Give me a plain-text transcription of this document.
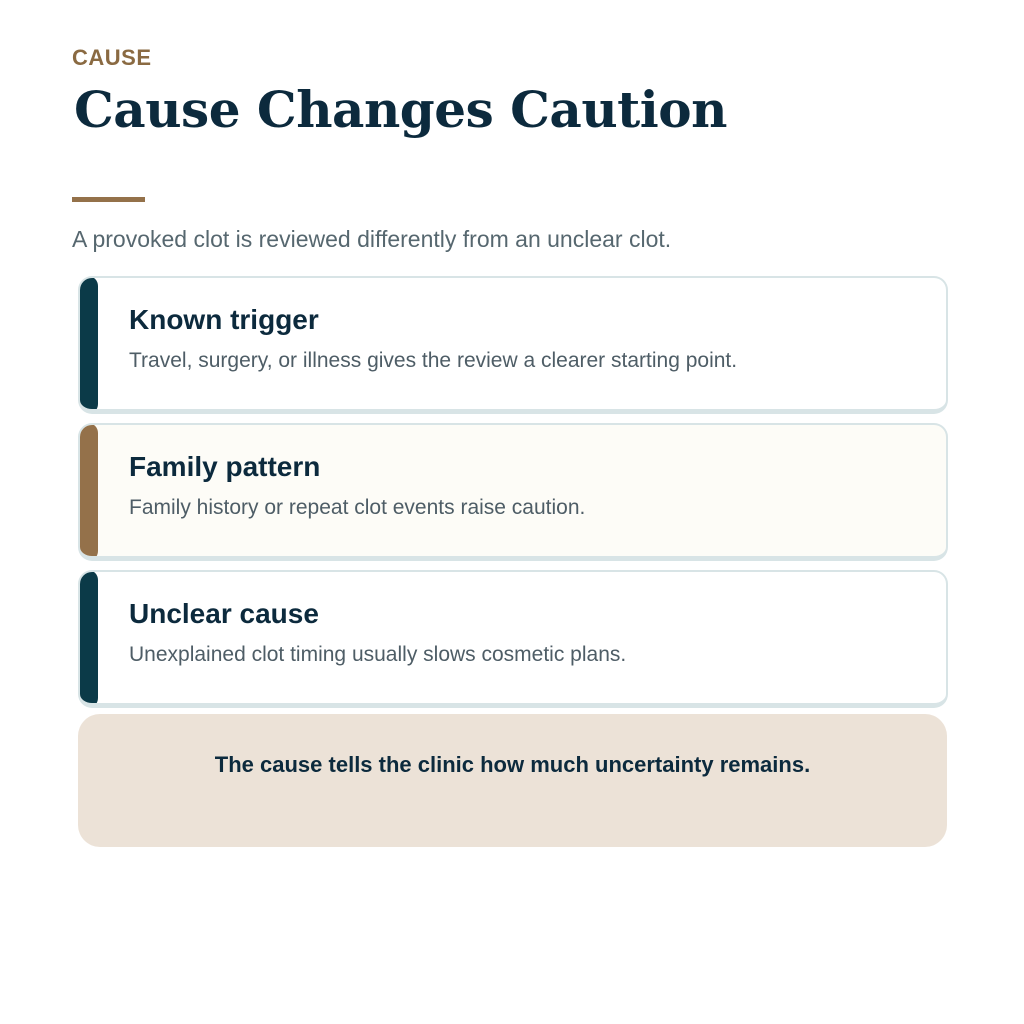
CAUSE
Cause Changes Caution
A provoked clot is reviewed differently from an unclear clot.
Known trigger
Travel, surgery, or illness gives the review a clearer starting point.
Family pattern
Family history or repeat clot events raise caution.
Unclear cause
Unexplained clot timing usually slows cosmetic plans.
The cause tells the clinic how much uncertainty remains.
